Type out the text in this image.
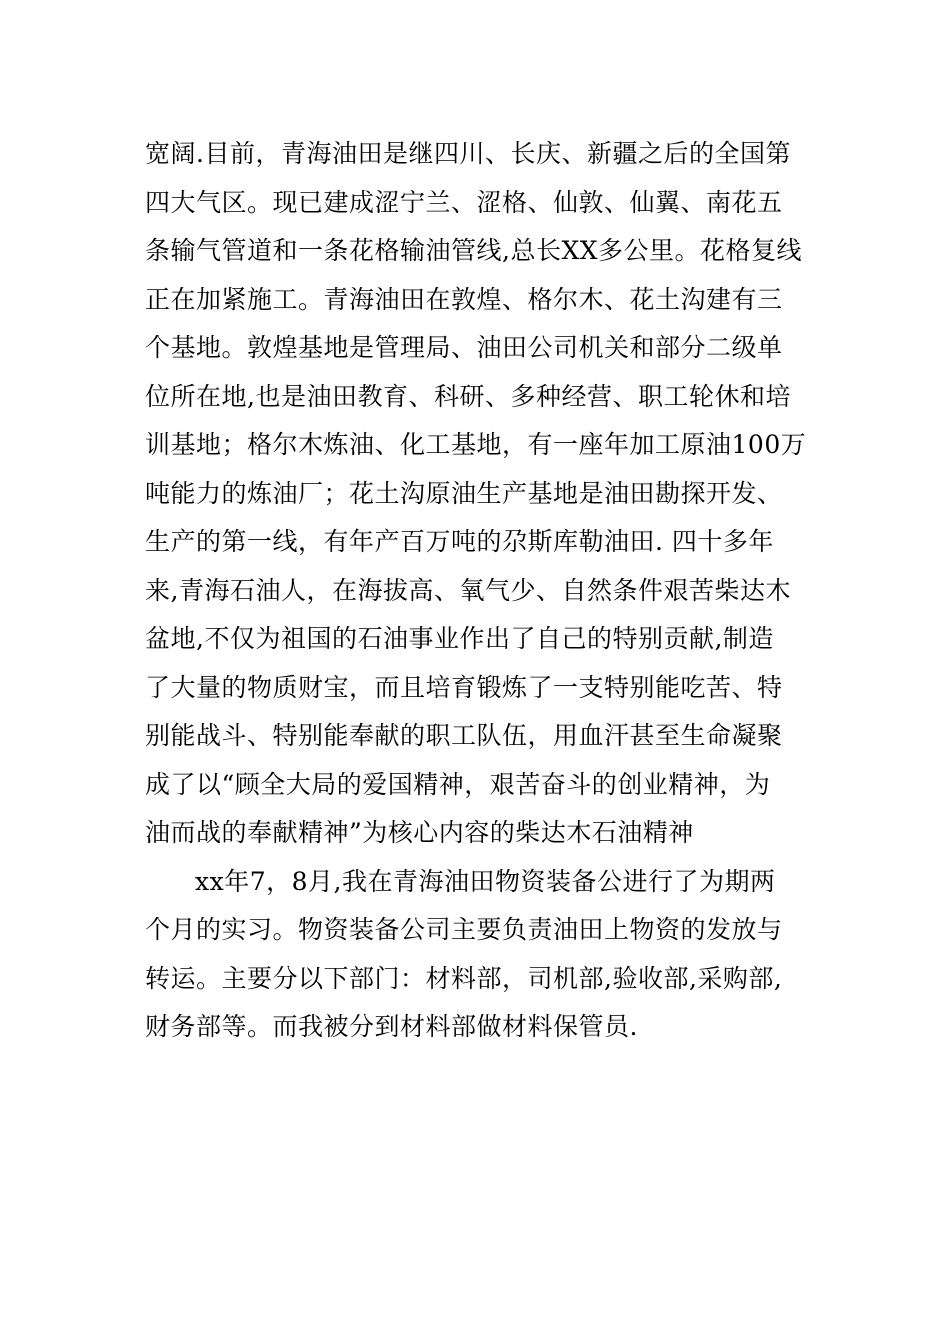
宽阔.目前，青海油田是继四川、长庆、新疆之后的全国第
四大气区。现已建成涩宁兰、涩格、仙敦、仙翼、南花五
条输气管道和一条花格输油管线,总长XX多公里。花格复线
正在加紧施工。青海油田在敦煌、格尔木、花土沟建有三
个基地。敦煌基地是管理局、油田公司机关和部分二级单
位所在地,也是油田教育、科研、多种经营、职工轮休和培
训基地；格尔木炼油、化工基地，有一座年加工原油100万
吨能力的炼油厂；花土沟原油生产基地是油田勘探开发、
生产的第一线，有年产百万吨的尕斯库勒油田. 四十多年
来,青海石油人，在海拔高、氧气少、自然条件艰苦柴达木
盆地,不仅为祖国的石油事业作出了自己的特别贡献,制造
了大量的物质财宝，而且培育锻炼了一支特别能吃苦、特
别能战斗、特别能奉献的职工队伍，用血汗甚至生命凝聚
成了以“顾全大局的爱国精神，艰苦奋斗的创业精神，为
油而战的奉献精神”为核心内容的柴达木石油精神
xx年7，8月,我在青海油田物资装备公进行了为期两
个月的实习。物资装备公司主要负责油田上物资的发放与
转运。主要分以下部门：材料部，司机部,验收部,采购部,
财务部等。而我被分到材料部做材料保管员.
